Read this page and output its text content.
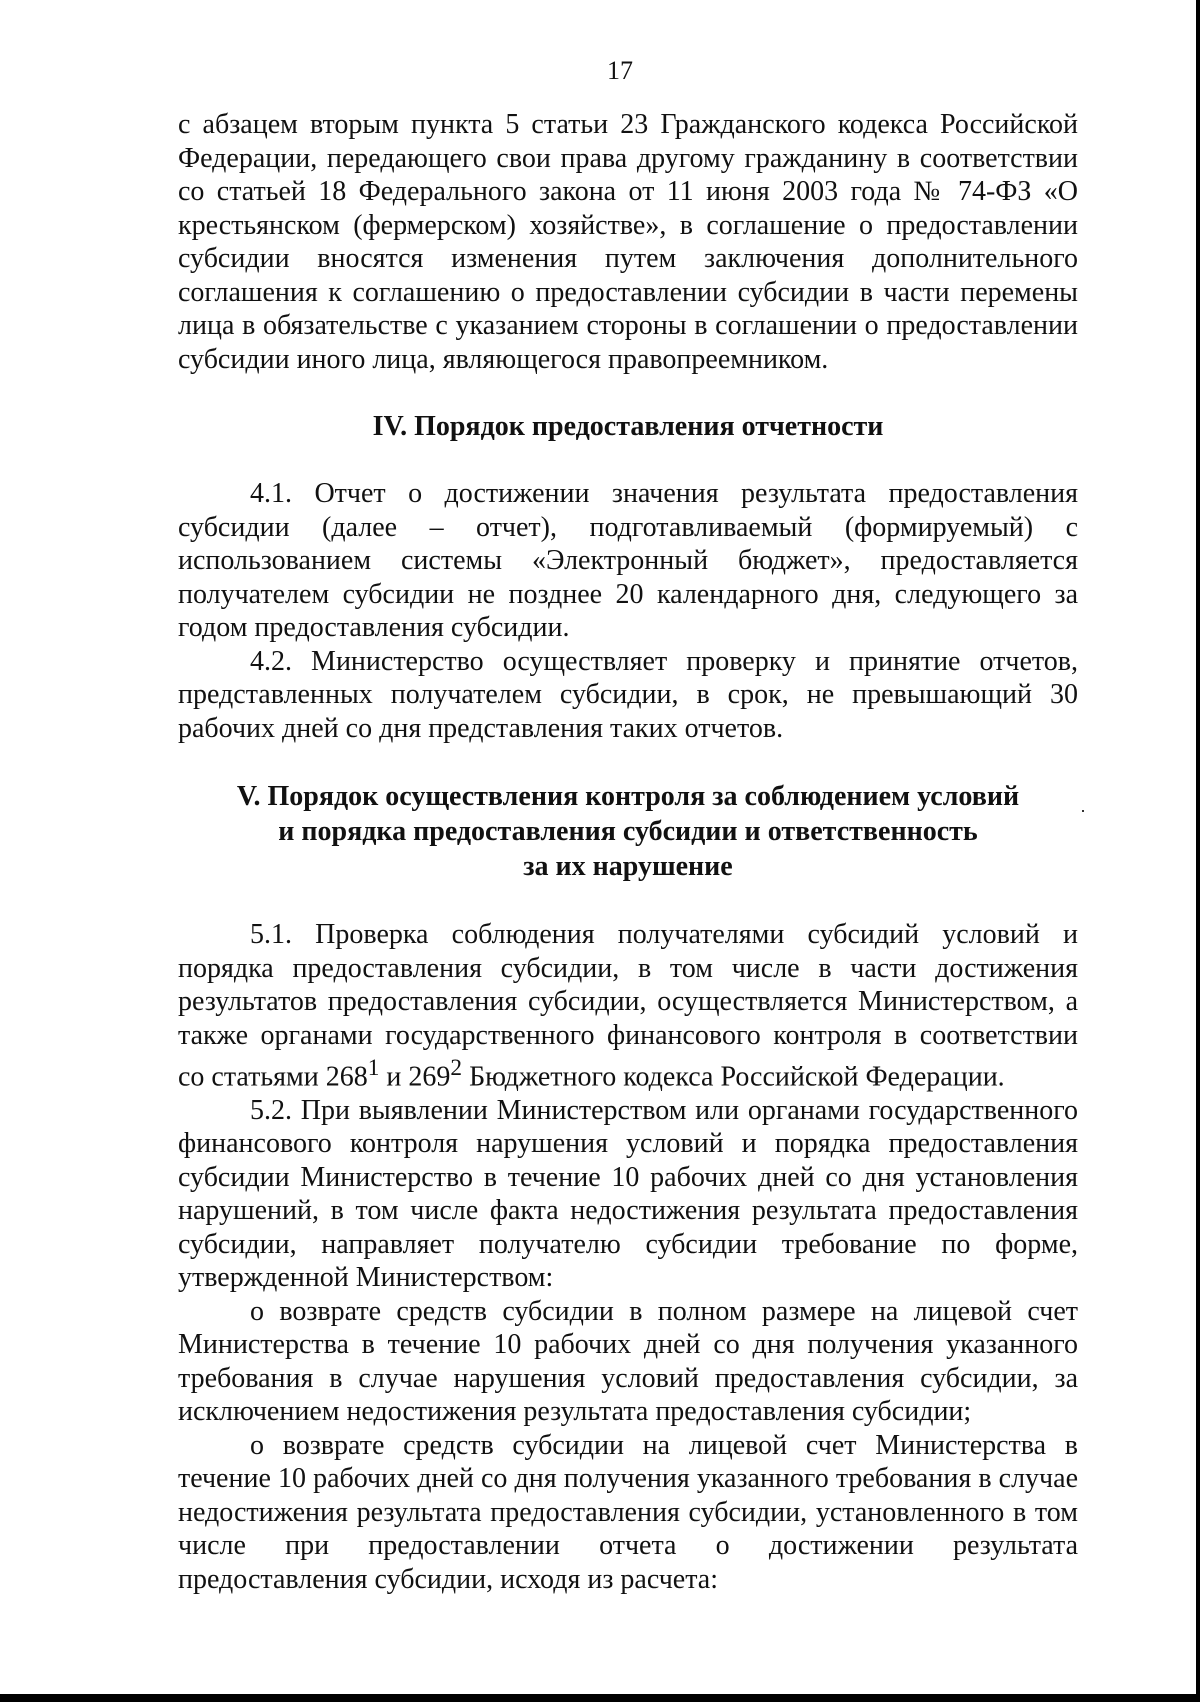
17

с абзацем вторым пункта 5 статьи 23 Гражданского кодекса Российской Федерации, передающего свои права другому гражданину в соответствии со статьей 18 Федерального закона от 11 июня 2003 года № 74-ФЗ «О крестьянском (фермерском) хозяйстве», в соглашение о предоставлении субсидии вносятся изменения путем заключения дополнительного соглашения к соглашению о предоставлении субсидии в части перемены лица в обязательстве с указанием стороны в соглашении о предоставлении субсидии иного лица, являющегося правопреемником.

IV. Порядок предоставления отчетности

4.1. Отчет о достижении значения результата предоставления субсидии (далее – отчет), подготавливаемый (формируемый) с использованием системы «Электронный бюджет», предоставляется получателем субсидии не позднее 20 календарного дня, следующего за годом предоставления субсидии.

4.2. Министерство осуществляет проверку и принятие отчетов, представленных получателем субсидии, в срок, не превышающий 30 рабочих дней со дня представления таких отчетов.

V. Порядок осуществления контроля за соблюдением условий
и порядка предоставления субсидии и ответственность
за их нарушение

5.1. Проверка соблюдения получателями субсидий условий и порядка предоставления субсидии, в том числе в части достижения результатов предоставления субсидии, осуществляется Министерством, а также органами государственного финансового контроля в соответствии со статьями $268^1$ и $269^2$ Бюджетного кодекса Российской Федерации.

5.2. При выявлении Министерством или органами государственного финансового контроля нарушения условий и порядка предоставления субсидии Министерство в течение 10 рабочих дней со дня установления нарушений, в том числе факта недостижения результата предоставления субсидии, направляет получателю субсидии требование по форме, утвержденной Министерством:

о возврате средств субсидии в полном размере на лицевой счет Министерства в течение 10 рабочих дней со дня получения указанного требования в случае нарушения условий предоставления субсидии, за исключением недостижения результата предоставления субсидии;

о возврате средств субсидии на лицевой счет Министерства в течение 10 рабочих дней со дня получения указанного требования в случае недостижения результата предоставления субсидии, установленного в том числе при предоставлении отчета о достижении результата предоставления субсидии, исходя из расчета:
